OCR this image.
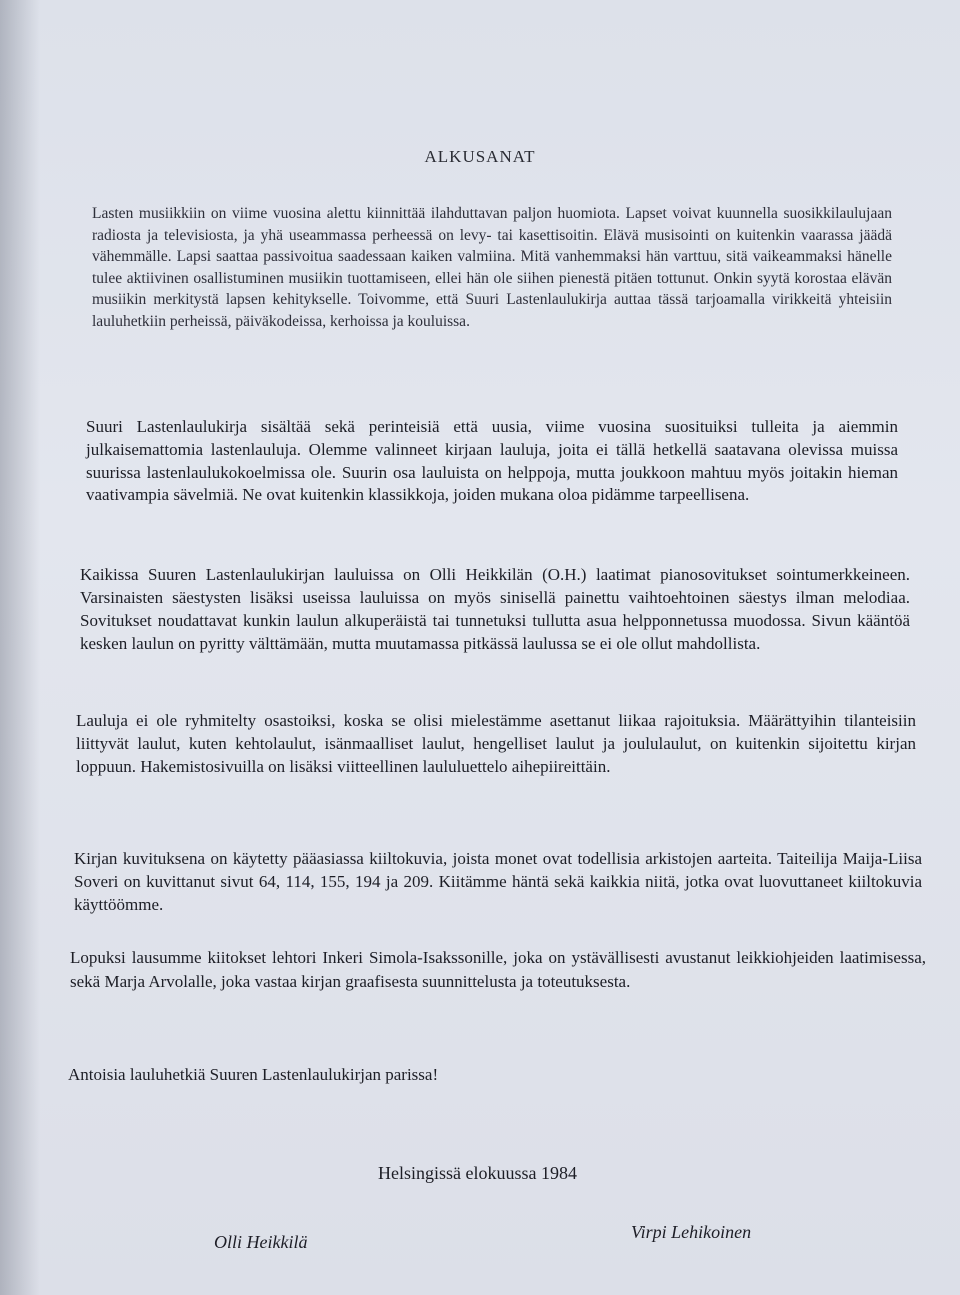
ALKUSANAT

Lasten musiikkiin on viime vuosina alettu kiinnittää ilahduttavan paljon huomiota. Lapset voivat kuunnella suosikkilaulujaan radiosta ja televisiosta, ja yhä useammassa perheessä on levy- tai kasettisoitin. Elävä musisointi on kuitenkin vaarassa jäädä vähemmälle. Lapsi saattaa passivoitua saadessaan kaiken valmiina. Mitä vanhemmaksi hän varttuu, sitä vaikeammaksi hänelle tulee aktiivinen osallistuminen musiikin tuottamiseen, ellei hän ole siihen pienestä pitäen tottunut. Onkin syytä korostaa elävän musiikin merkitystä lapsen kehitykselle. Toivomme, että Suuri Lastenlaulukirja auttaa tässä tarjoamalla virikkeitä yhteisiin lauluhetkiin perheissä, päiväkodeissa, kerhoissa ja kouluissa.

Suuri Lastenlaulukirja sisältää sekä perinteisiä että uusia, viime vuosina suosituiksi tulleita ja aiemmin julkaisemattomia lastenlauluja. Olemme valinneet kirjaan lauluja, joita ei tällä hetkellä saatavana olevissa muissa suurissa lastenlaulukokoelmissa ole. Suurin osa lauluista on helppoja, mutta joukkoon mahtuu myös joitakin hieman vaativampia sävelmiä. Ne ovat kuitenkin klassikkoja, joiden mukana oloa pidämme tarpeellisena.

Kaikissa Suuren Lastenlaulukirjan lauluissa on Olli Heikkilän (O.H.) laatimat pianosovitukset sointumerkkeineen. Varsinaisten säestysten lisäksi useissa lauluissa on myös sinisellä painettu vaihtoehtoinen säestys ilman melodiaa. Sovitukset noudattavat kunkin laulun alkuperäistä tai tunnetuksi tullutta asua helpponnetussa muodossa. Sivun kääntöä kesken laulun on pyritty välttämään, mutta muutamassa pitkässä laulussa se ei ole ollut mahdollista.

Lauluja ei ole ryhmitelty osastoiksi, koska se olisi mielestämme asettanut liikaa rajoituksia. Määrättyihin tilanteisiin liittyvät laulut, kuten kehtolaulut, isänmaalliset laulut, hengelliset laulut ja joululaulut, on kuitenkin sijoitettu kirjan loppuun. Hakemistosivuilla on lisäksi viitteellinen laululuettelo aihepiireittäin.

Kirjan kuvituksena on käytetty pääasiassa kiiltokuvia, joista monet ovat todellisia arkistojen aarteita. Taiteilija Maija-Liisa Soveri on kuvittanut sivut 64, 114, 155, 194 ja 209. Kiitämme häntä sekä kaikkia niitä, jotka ovat luovuttaneet kiiltokuvia käyttöömme.

Lopuksi lausumme kiitokset lehtori Inkeri Simola-Isakssonille, joka on ystävällisesti avustanut leikkiohjeiden laatimisessa, sekä Marja Arvolalle, joka vastaa kirjan graafisesta suunnittelusta ja toteutuksesta.

Antoisia lauluhetkiä Suuren Lastenlaulukirjan parissa!

Helsingissä elokuussa 1984
Olli Heikkilä	Virpi Lehikoinen
